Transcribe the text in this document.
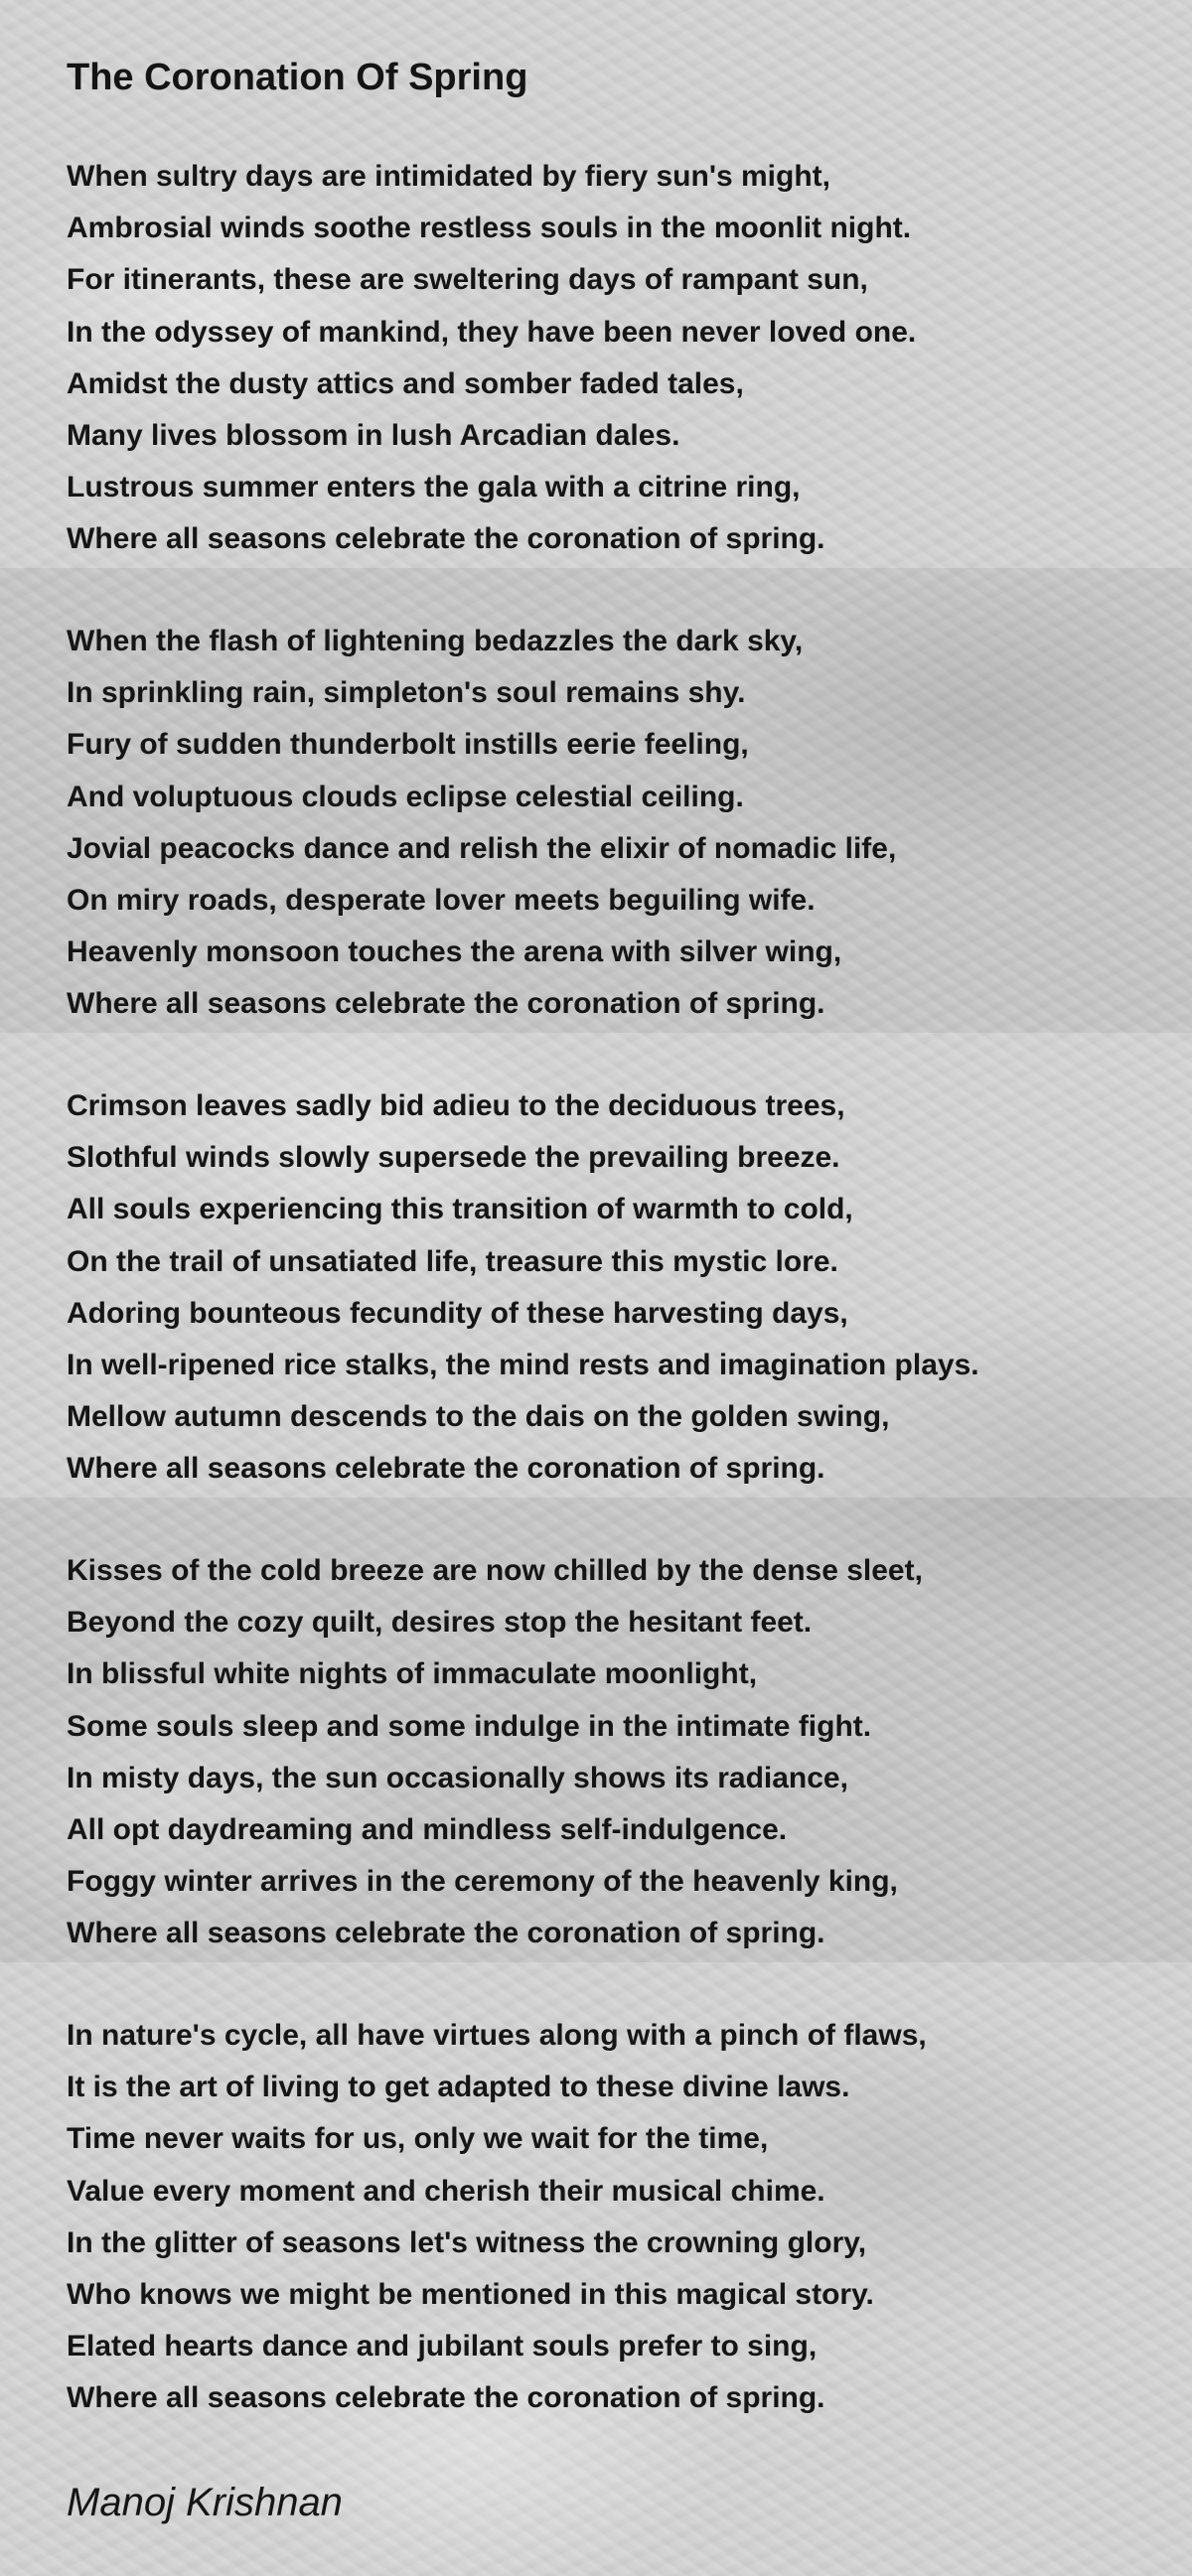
The Coronation Of Spring
When sultry days are intimidated by fiery sun's might,
Ambrosial winds soothe restless souls in the moonlit night.
For itinerants, these are sweltering days of rampant sun,
In the odyssey of mankind, they have been never loved one.
Amidst the dusty attics and somber faded tales,
Many lives blossom in lush Arcadian dales.
Lustrous summer enters the gala with a citrine ring,
Where all seasons celebrate the coronation of spring.
When the flash of lightening bedazzles the dark sky,
In sprinkling rain, simpleton's soul remains shy.
Fury of sudden thunderbolt instills eerie feeling,
And voluptuous clouds eclipse celestial ceiling.
Jovial peacocks dance and relish the elixir of nomadic life,
On miry roads, desperate lover meets beguiling wife.
Heavenly monsoon touches the arena with silver wing,
Where all seasons celebrate the coronation of spring.
Crimson leaves sadly bid adieu to the deciduous trees,
Slothful winds slowly supersede the prevailing breeze.
All souls experiencing this transition of warmth to cold,
On the trail of unsatiated life, treasure this mystic lore.
Adoring bounteous fecundity of these harvesting days,
In well-ripened rice stalks, the mind rests and imagination plays.
Mellow autumn descends to the dais on the golden swing,
Where all seasons celebrate the coronation of spring.
Kisses of the cold breeze are now chilled by the dense sleet,
Beyond the cozy quilt, desires stop the hesitant feet.
In blissful white nights of immaculate moonlight,
Some souls sleep and some indulge in the intimate fight.
In misty days, the sun occasionally shows its radiance,
All opt daydreaming and mindless self-indulgence.
Foggy winter arrives in the ceremony of the heavenly king,
Where all seasons celebrate the coronation of spring.
In nature's cycle, all have virtues along with a pinch of flaws,
It is the art of living to get adapted to these divine laws.
Time never waits for us, only we wait for the time,
Value every moment and cherish their musical chime.
In the glitter of seasons let's witness the crowning glory,
Who knows we might be mentioned in this magical story.
Elated hearts dance and jubilant souls prefer to sing,
Where all seasons celebrate the coronation of spring.

Manoj Krishnan
